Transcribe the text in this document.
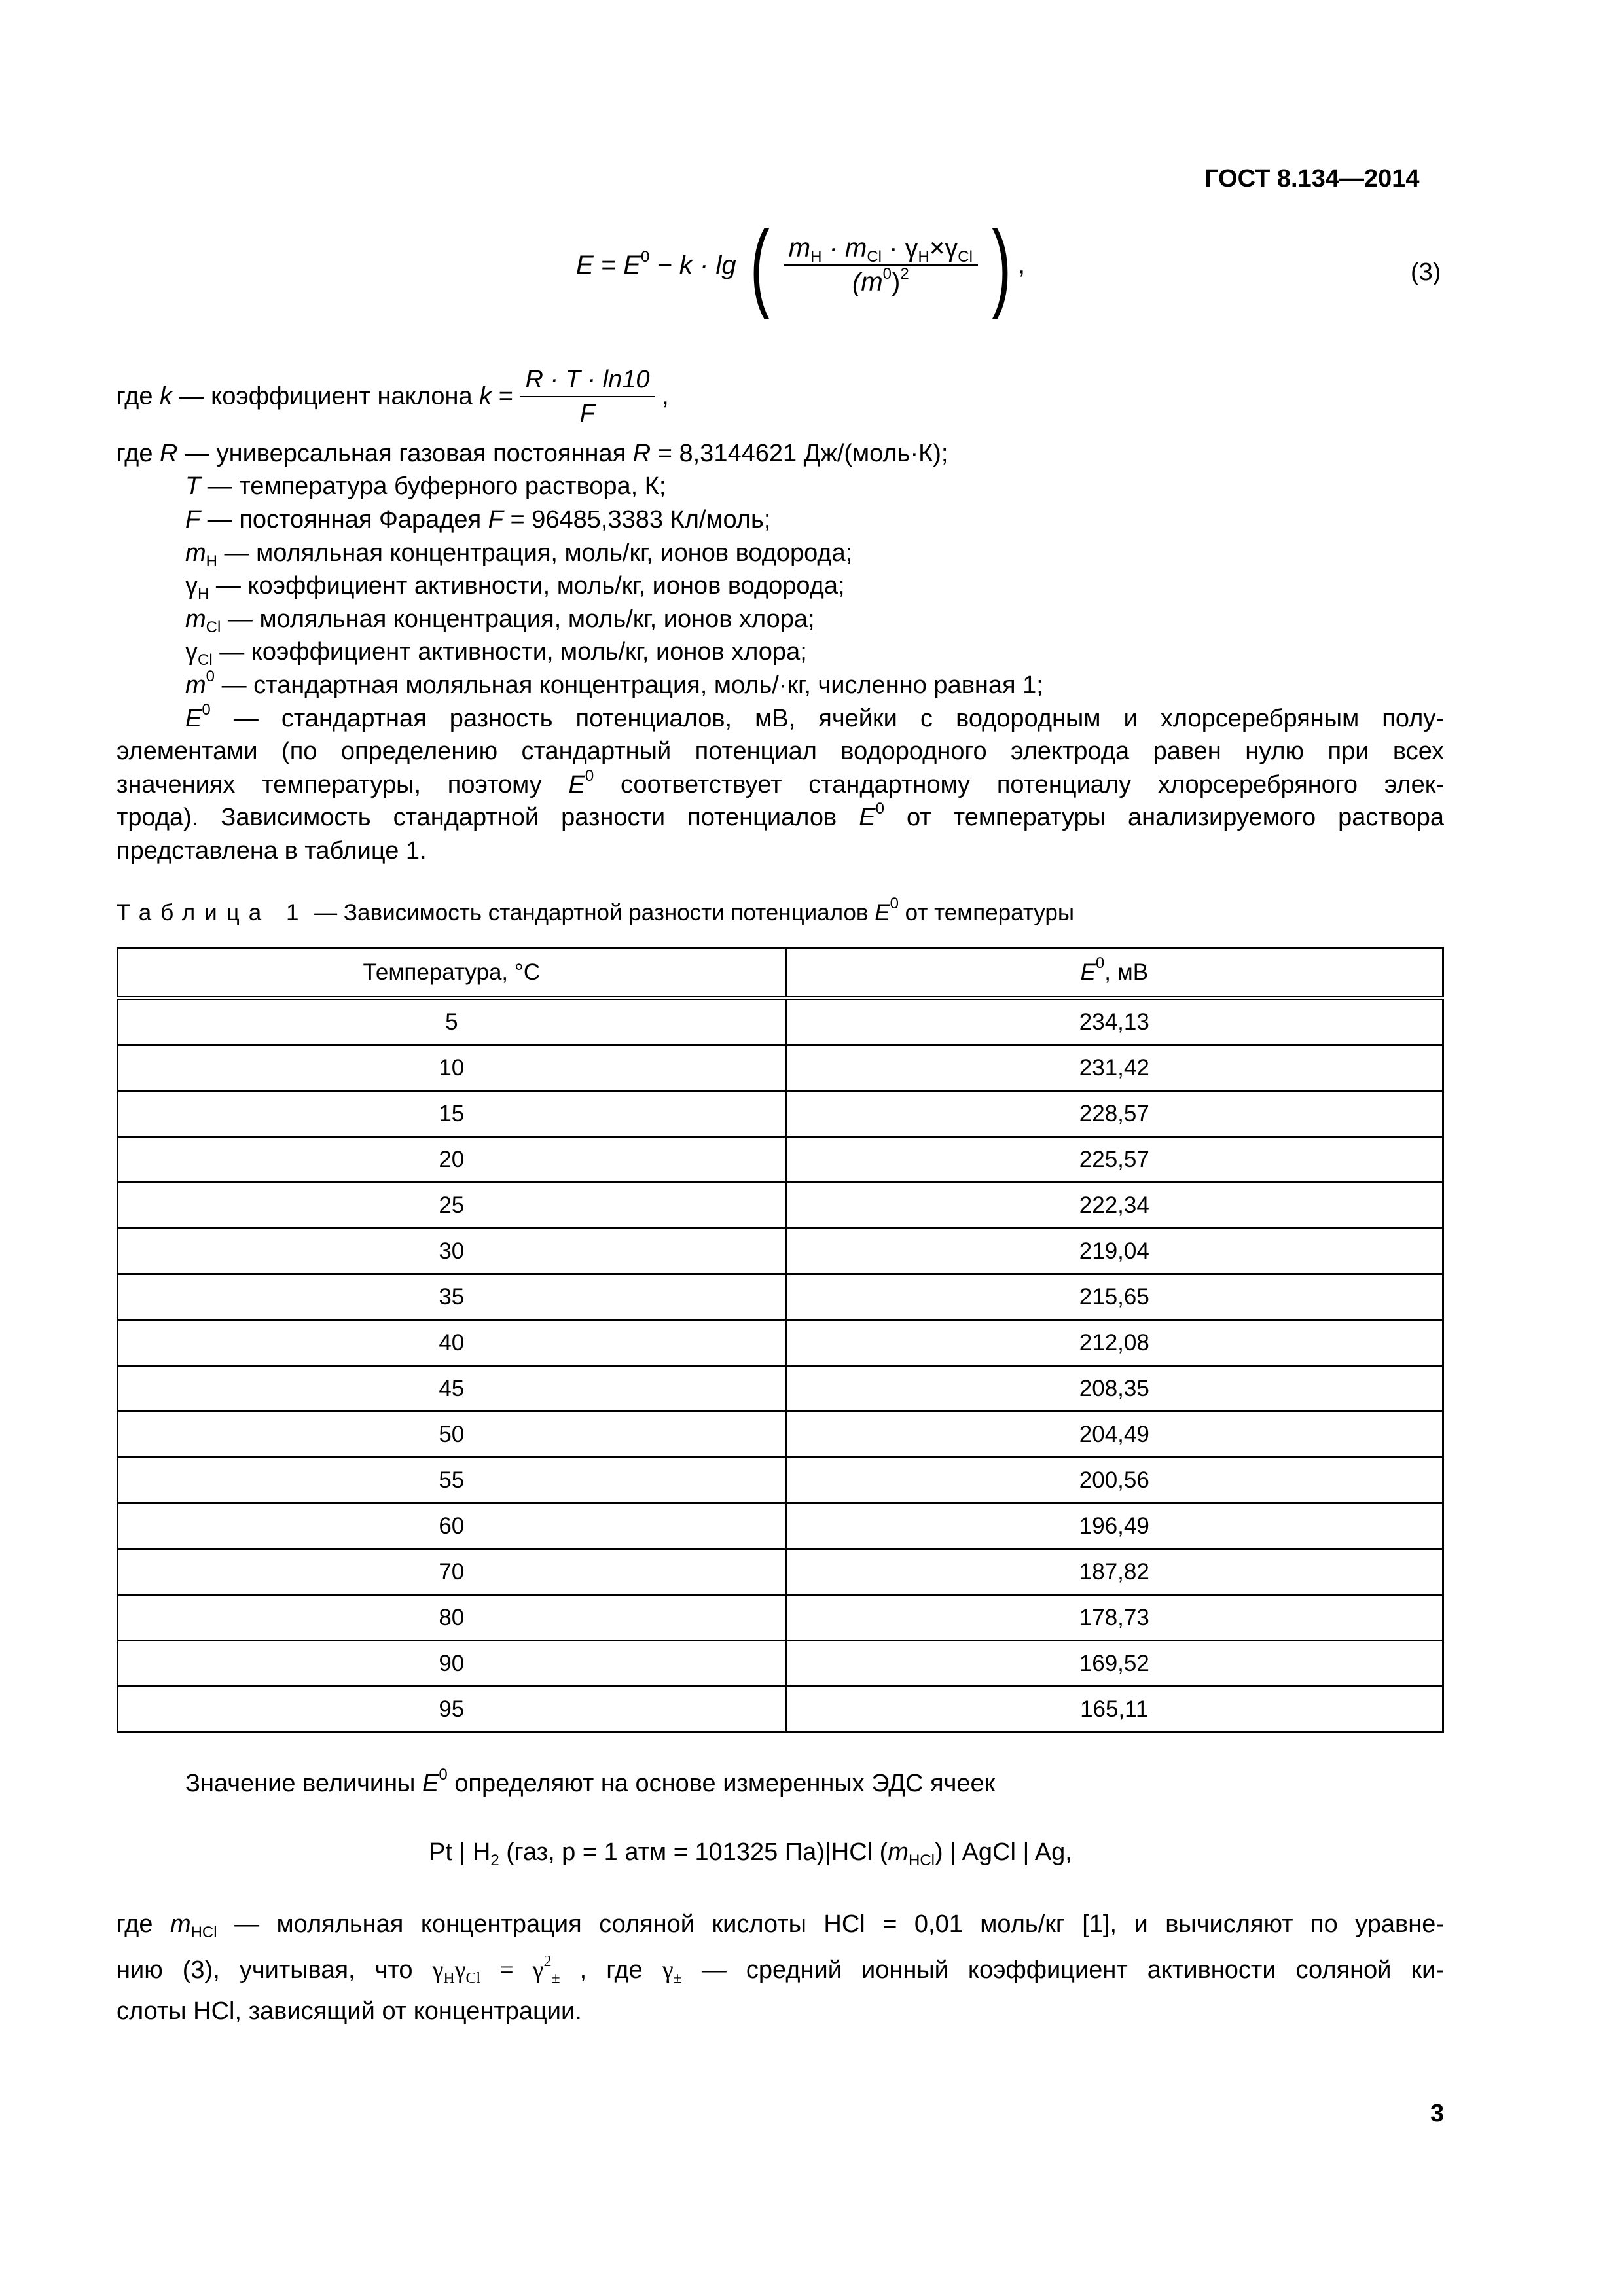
ГОСТ 8.134—2014
$E = E^0 - k \cdot \lg$ ( $\frac{m_H \cdot m_{Cl} \cdot \gamma_H\times\gamma_{Cl}}{(m^0)^2}$ ) ,	(3)
где k — коэффициент наклона $k = \frac{R \cdot T \cdot \ln 10}{F}$ ,
где R — универсальная газовая постоянная R = 8,3144621 Дж/(моль·К);
T — температура буферного раствора, К;
F — постоянная Фарадея F = 96485,3383 Кл/моль;
$m_H$ — моляльная концентрация, моль/кг, ионов водорода;
$\gamma_H$ — коэффициент активности, моль/кг, ионов водорода;
$m_{Cl}$ — моляльная концентрация, моль/кг, ионов хлора;
$\gamma_{Cl}$ — коэффициент активности, моль/кг, ионов хлора;
$m^0$ — стандартная моляльная концентрация, моль/·кг, численно равная 1;
$E^0$ — стандартная разность потенциалов, мВ, ячейки с водородным и хлорсеребряным полу-
элементами (по определению стандартный потенциал водородного электрода равен нулю при всех
значениях температуры, поэтому $E^0$ соответствует стандартному потенциалу хлорсеребряного элек-
трода). Зависимость стандартной разности потенциалов $E^0$ от температуры анализируемого раствора
представлена в таблице 1.
Таблица 1 — Зависимость стандартной разности потенциалов $E^0$ от температуры
Температура, °С	$E^0$, мВ
5	234,13
10	231,42
15	228,57
20	225,57
25	222,34
30	219,04
35	215,65
40	212,08
45	208,35
50	204,49
55	200,56
60	196,49
70	187,82
80	178,73
90	169,52
95	165,11
Значение величины $E^0$ определяют на основе измеренных ЭДС ячеек
Pt | $H_2$ (газ, p = 1 атм = 101325 Па)|HCl $(m_{HCl})$ | AgCl | Ag,
где $m_{HCl}$ — моляльная концентрация соляной кислоты HCl = 0,01 моль/кг [1], и вычисляют по уравне-
нию (3), учитывая, что $\gamma_H\gamma_{Cl} = \gamma^2_\pm$ , где $\gamma_\pm$ — средний ионный коэффициент активности соляной ки-
слоты HCl, зависящий от концентрации.
3
